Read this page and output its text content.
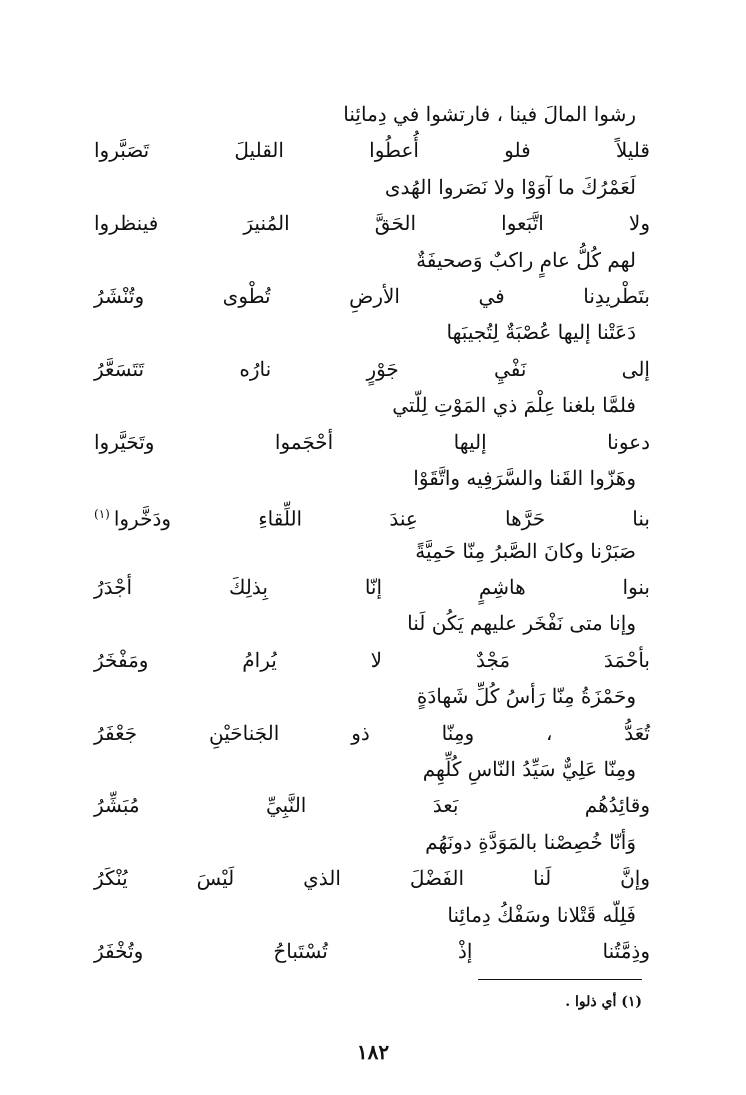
رشوا المالَ فينا ، فارتشوا في دِمائِنا
قليلاً فلو أُعطُوا القليلَ تَصَبَّروا
لَعَمْرُكَ ما آوَوْا ولا نَصَروا الهُدى
ولا اتَّبَعوا الحَقَّ المُنيرَ فينظروا
لهم كُلُّ عامٍ راكبٌ وَصحيفَةٌ
بتَطْريدِنا في الأرضِ تُطْوى وتُنْشَرُ
دَعَتْنا إليها عُصْبَةٌ لِتُجيبَها
إلى نَفْيِ جَوْرٍ نارُه تَتَسَعَّرُ
فلمَّا بلغنا عِلْمَ ذي المَوْتِ لِلّتي
دعونا إليها أحْجَموا وتَحَيَّروا
وهَزّوا القَنا والسَّرَفِيه واتَّقَوْا
بنا حَرَّها عِندَ اللِّقاءِ ودَخَّروا$^{(١)}$
صَبَرْنا وكانَ الصَّبرُ مِنّا حَمِيَّةً
بنوا هاشِمٍ إنّا بِذلِكَ أجْدَرُ
وإنا متى نَفْخَر عليهم يَكُن لَنا
بأحْمَدَ مَجْدٌ لا يُرامُ ومَفْخَرُ
وحَمْزَةُ مِنّا رَأسُ كُلِّ شَهادَةٍ
تُعَدُّ ، ومِنّا ذو الجَناحَيْنِ جَعْفَرُ
ومِنّا عَلِيٌّ سَيِّدُ النّاسِ كُلِّهِم
وقائِدُهُم بَعدَ النَّبِيِّ مُبَشِّرُ
وَأنّا خُصِصْنا بالمَوَدَّةِ دونَهُم
وإنَّ لَنا الفَضْلَ الذي لَيْسَ يُنْكَرُ
فَلِلّه قَتْلانا وسَفْكُ دِمائِنا
وذِمَّتُنا إذْ تُسْتَباحُ وتُخْفَرُ
(١) أي ذلوا .
١٨٢
